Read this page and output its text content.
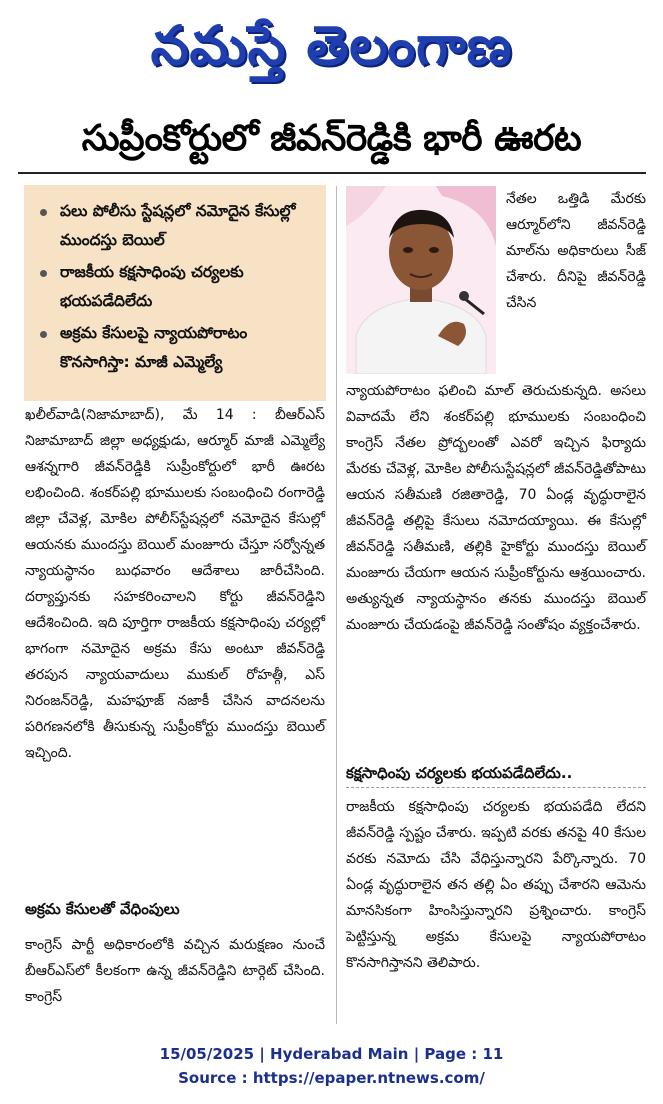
నమస్తే తెలంగాణ
సుప్రీంకోర్టులో జీవన్‌రెడ్డికి భారీ ఊరట
పలు పోలీసు స్టేషన్లలో నమోదైన కేసుల్లో ముందస్తు బెయిల్
రాజకీయ కక్షసాధింపు చర్యలకు భయపడేదిలేదు
అక్రమ కేసులపై న్యాయపోరాటం కొనసాగిస్తా: మాజీ ఎమ్మెల్యే

ఖలీల్‌వాడి(నిజామాబాద్), మే 14 : బీఆర్‌ఎస్ నిజామాబాద్ జిల్లా అధ్యక్షుడు, ఆర్మూర్ మాజీ ఎమ్మెల్యే ఆశన్నగారి జీవన్‌రెడ్డికి సుప్రీంకోర్టులో భారీ ఊరట లభించింది. శంకర్‌పల్లి భూములకు సంబంధించి రంగారెడ్డి జిల్లా చేవెళ్ల, మోకిల పోలీస్‌స్టేషన్లలో నమోదైన కేసుల్లో ఆయనకు ముందస్తు బెయిల్ మంజూరు చేస్తూ సర్వోన్నత న్యాయస్థానం బుధవారం ఆదేశాలు జారీచేసింది. దర్యాప్తునకు సహకరించాలని కోర్టు జీవన్‌రెడ్డిని ఆదేశించింది. ఇది పూర్తిగా రాజకీయ కక్షసాధింపు చర్యల్లో భాగంగా నమోదైన అక్రమ కేసు అంటూ జీవన్‌రెడ్డి తరపున న్యాయవాదులు ముకుల్ రోహత్గీ, ఎస్ నిరంజన్‌రెడ్డి, మహఫూజ్ నజాకీ చేసిన వాదనలను పరిగణనలోకి తీసుకున్న సుప్రీంకోర్టు ముందస్తు బెయిల్ ఇచ్చింది.

అక్రమ కేసులతో వేధింపులు

కాంగ్రెస్ పార్టీ అధికారంలోకి వచ్చిన మరుక్షణం నుంచే బీఆర్‌ఎస్‌లో కీలకంగా ఉన్న జీవన్‌రెడ్డిని టార్గెట్ చేసింది. కాంగ్రెస్

నేతల ఒత్తిడి మేరకు ఆర్మూర్‌లోని జీవన్‌రెడ్డి మాల్‌ను అధికారులు సీజ్ చేశారు. దీనిపై జీవన్‌రెడ్డి చేసిన

న్యాయపోరాటం ఫలించి మాల్ తెరుచుకున్నది. అసలు వివాదమే లేని శంకర్‌పల్లి భూములకు సంబంధించి కాంగ్రెస్ నేతల ప్రోద్బలంతో ఎవరో ఇచ్చిన ఫిర్యాదు మేరకు చేవెళ్ల, మోకిల పోలీసుస్టేషన్లలో జీవన్‌రెడ్డితోపాటు ఆయన సతీమణి రజితారెడ్డి, 70 ఏండ్ల వృద్ధురాలైన జీవన్‌రెడ్డి తల్లిపై కేసులు నమోదయ్యాయి. ఈ కేసుల్లో జీవన్‌రెడ్డి సతీమణి, తల్లికి హైకోర్టు ముందస్తు బెయిల్ మంజూరు చేయగా ఆయన సుప్రీంకోర్టును ఆశ్రయించారు. అత్యున్నత న్యాయస్థానం తనకు ముందస్తు బెయిల్ మంజూరు చేయడంపై జీవన్‌రెడ్డి సంతోషం వ్యక్తంచేశారు.

కక్షసాధింపు చర్యలకు భయపడేదిలేదు..

రాజకీయ కక్షసాధింపు చర్యలకు భయపడేది లేదని జీవన్‌రెడ్డి స్పష్టం చేశారు. ఇప్పటి వరకు తనపై 40 కేసుల వరకు నమోదు చేసి వేధిస్తున్నారని పేర్కొన్నారు. 70 ఏండ్ల వృద్ధురాలైన తన తల్లి ఏం తప్పు చేశారని ఆమెను మానసికంగా హింసిస్తున్నారని ప్రశ్నించారు. కాంగ్రెస్ పెట్టిస్తున్న అక్రమ కేసులపై న్యాయపోరాటం కొనసాగిస్తానని తెలిపారు.

15/05/2025 | Hyderabad Main | Page : 11
Source : https://epaper.ntnews.com/
